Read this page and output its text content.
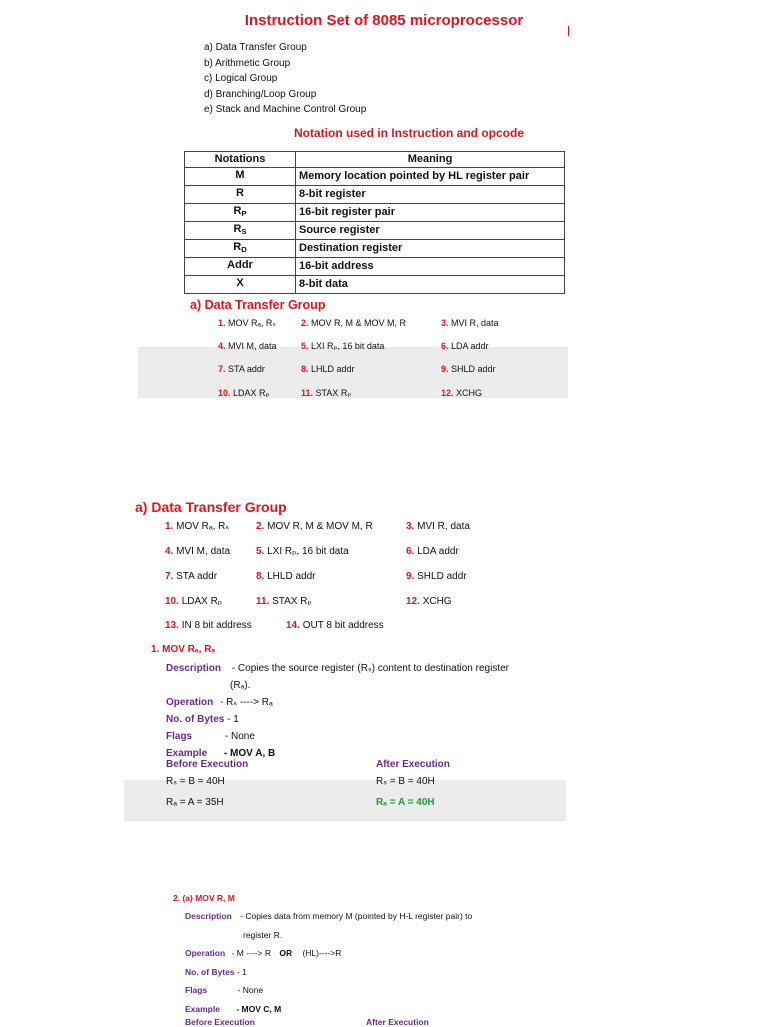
Instruction Set of 8085 microprocessor
a) Data Transfer Group
b) Arithmetic Group
c) Logical Group
d) Branching/Loop Group
e) Stack and Machine Control Group
Notation used in Instruction and opcode
Notations	Meaning
M	Memory location pointed by HL register pair
R	8-bit register
$R_P$	16-bit register pair
$R_S$	Source register
$R_D$	Destination register
Addr	16-bit address
X	8-bit data
a) Data Transfer Group
1. MOV Rₐ, Rₛ	2. MOV R, M & MOV M, R	3. MVI R, data
4. MVI M, data	5. LXI Rₚ, 16 bit data	6. LDA addr
7. STA addr	8. LHLD addr	9. SHLD addr
10. LDAX Rₚ	11. STAX Rₚ	12. XCHG
a) Data Transfer Group
1. MOV Rₐ, Rₛ	2. MOV R, M & MOV M, R	3. MVI R, data
4. MVI M, data	5. LXI Rₚ, 16 bit data	6. LDA addr
7. STA addr	8. LHLD addr	9. SHLD addr
10. LDAX Rₚ	11. STAX Rₚ	12. XCHG
13. IN 8 bit address	14. OUT 8 bit address
1. MOV Rₐ, Rₛ
Description - Copies the source register (Rₛ) content to destination register
(Rₐ).
Operation - Rₛ ----> Rₐ
No. of Bytes - 1
Flags	- None
Example - MOV A, B
Before Execution	After Execution
Rₛ = B = 40H	Rₛ = B = 40H
Rₐ = A = 35H	Rₐ = A = 40H
2. (a) MOV R, M
Description - Copies data from memory M (pointed by H-L register pair) to
register R.
Operation - M ----> R OR (HL)---->R
No. of Bytes - 1
Flags	- None
Example - MOV C, M
Before Execution	After Execution
